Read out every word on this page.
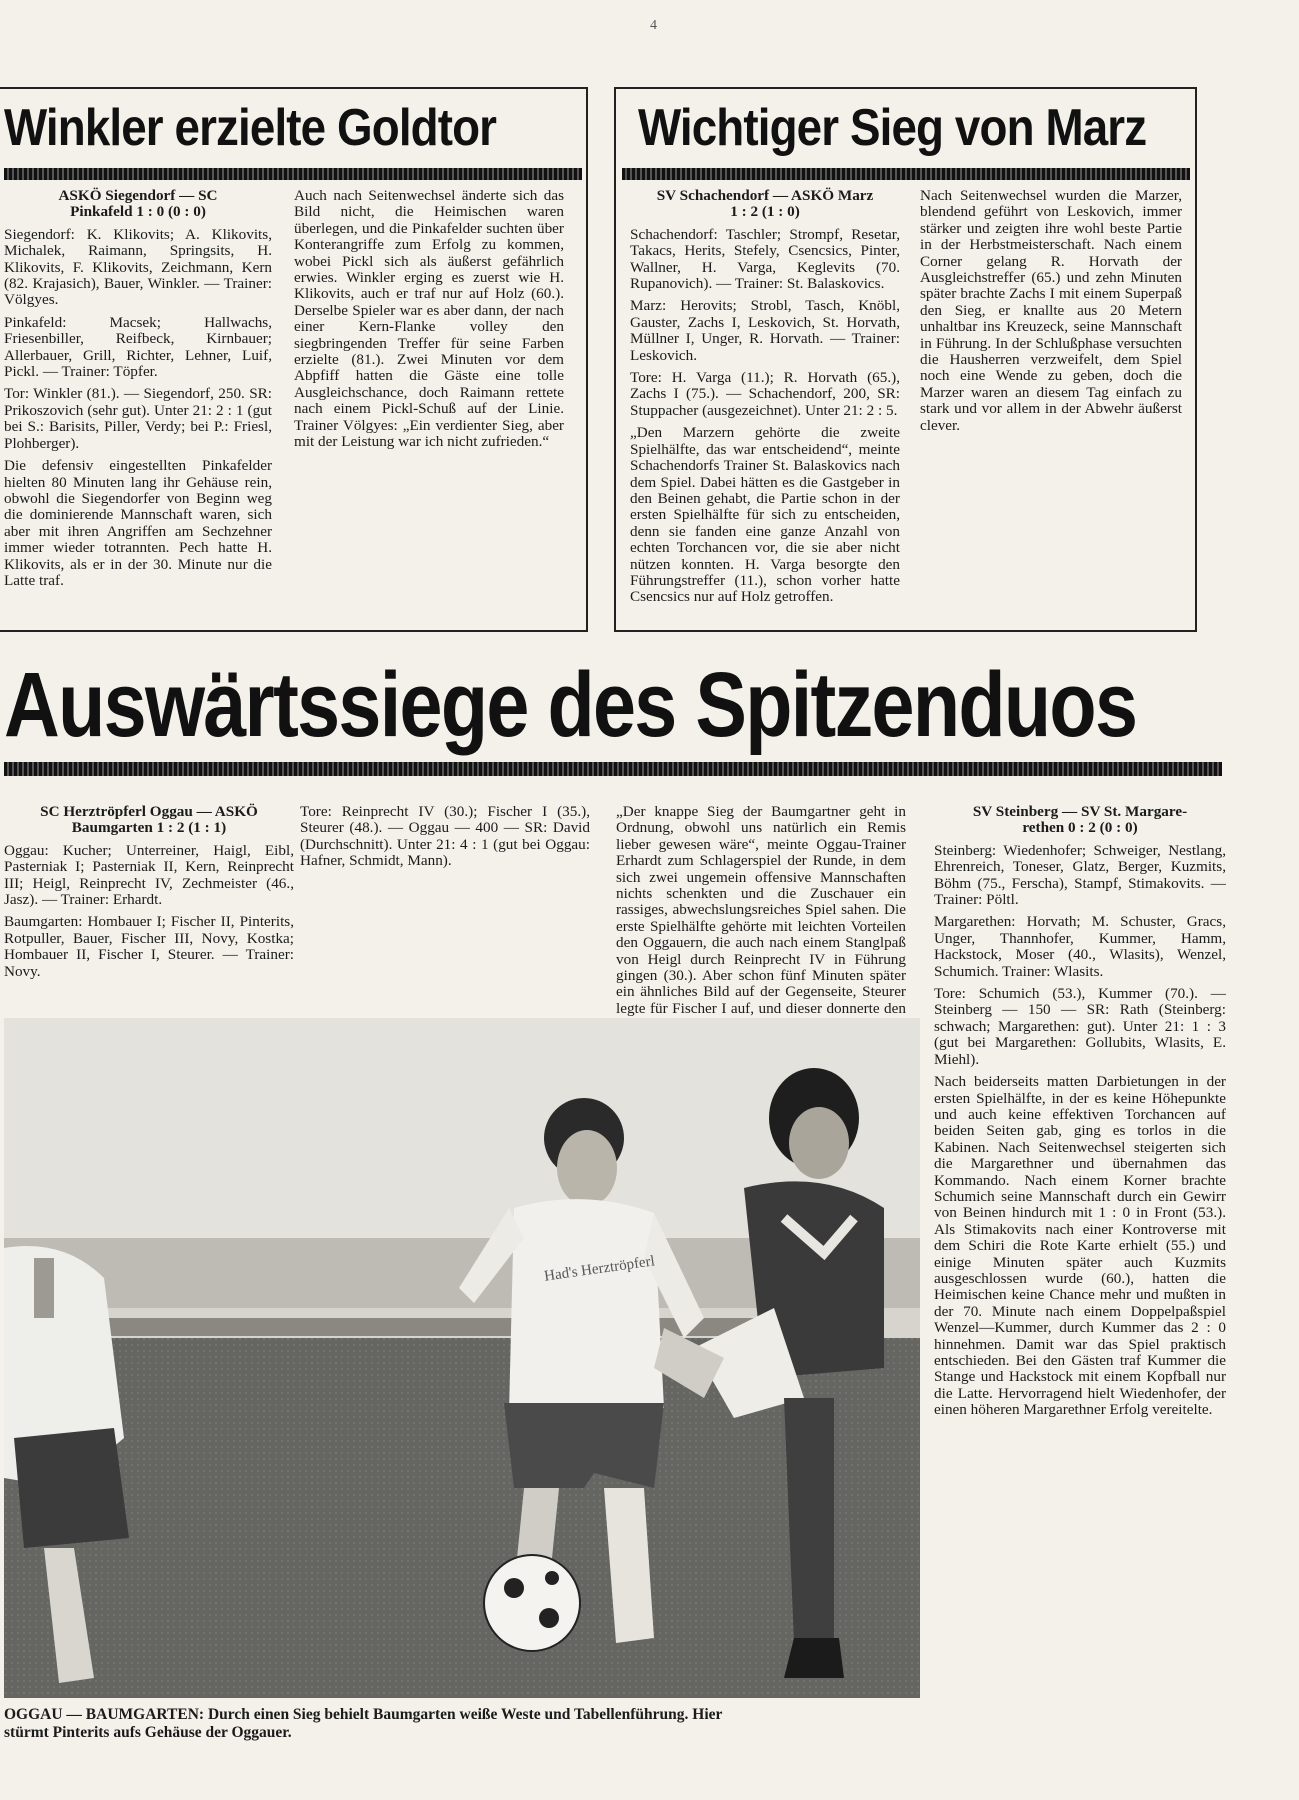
4
Winkler erzielte Goldtor

ASKÖ Siegendorf — SC
Pinkafeld 1 : 0 (0 : 0)

Siegendorf: K. Klikovits; A. Klikovits, Michalek, Raimann, Springsits, H. Klikovits, F. Klikovits, Zeichmann, Kern (82. Krajasich), Bauer, Winkler. — Trainer: Völgyes.

Pinkafeld: Macsek; Hallwachs, Friesenbiller, Reifbeck, Kirnbauer; Allerbauer, Grill, Richter, Lehner, Luif, Pickl. — Trainer: Töpfer.

Tor: Winkler (81.). — Siegendorf, 250. SR: Prikoszovich (sehr gut). Unter 21: 2 : 1 (gut bei S.: Barisits, Piller, Verdy; bei P.: Friesl, Plohberger).

Die defensiv eingestellten Pinkafelder hielten 80 Minuten lang ihr Gehäuse rein, obwohl die Siegendorfer von Beginn weg die dominierende Mannschaft waren, sich aber mit ihren Angriffen am Sechzehner immer wieder totrannten. Pech hatte H. Klikovits, als er in der 30. Minute nur die Latte traf.

Auch nach Seitenwechsel änderte sich das Bild nicht, die Heimischen waren überlegen, und die Pinkafelder suchten über Konterangriffe zum Erfolg zu kommen, wobei Pickl sich als äußerst gefährlich erwies. Winkler erging es zuerst wie H. Klikovits, auch er traf nur auf Holz (60.). Derselbe Spieler war es aber dann, der nach einer Kern-Flanke volley den siegbringenden Treffer für seine Farben erzielte (81.). Zwei Minuten vor dem Abpfiff hatten die Gäste eine tolle Ausgleichschance, doch Raimann rettete nach einem Pickl-Schuß auf der Linie. Trainer Völgyes: „Ein verdienter Sieg, aber mit der Leistung war ich nicht zufrieden.“

Wichtiger Sieg von Marz

SV Schachendorf — ASKÖ Marz
1 : 2 (1 : 0)

Schachendorf: Taschler; Strompf, Resetar, Takacs, Herits, Stefely, Csencsics, Pinter, Wallner, H. Varga, Keglevits (70. Rupanovich). — Trainer: St. Balaskovics.

Marz: Herovits; Strobl, Tasch, Knöbl, Gauster, Zachs I, Leskovich, St. Horvath, Müllner I, Unger, R. Horvath. — Trainer: Leskovich.

Tore: H. Varga (11.); R. Horvath (65.), Zachs I (75.). — Schachendorf, 200, SR: Stuppacher (ausgezeichnet). Unter 21: 2 : 5.

„Den Marzern gehörte die zweite Spielhälfte, das war entscheidend“, meinte Schachendorfs Trainer St. Balaskovics nach dem Spiel. Dabei hätten es die Gastgeber in den Beinen gehabt, die Partie schon in der ersten Spielhälfte für sich zu entscheiden, denn sie fanden eine ganze Anzahl von echten Torchancen vor, die sie aber nicht nützen konnten. H. Varga besorgte den Führungstreffer (11.), schon vorher hatte Csencsics nur auf Holz getroffen.

Nach Seitenwechsel wurden die Marzer, blendend geführt von Leskovich, immer stärker und zeigten ihre wohl beste Partie in der Herbstmeisterschaft. Nach einem Corner gelang R. Horvath der Ausgleichstreffer (65.) und zehn Minuten später brachte Zachs I mit einem Superpaß den Sieg, er knallte aus 20 Metern unhaltbar ins Kreuzeck, seine Mannschaft in Führung. In der Schlußphase versuchten die Hausherren verzweifelt, dem Spiel noch eine Wende zu geben, doch die Marzer waren an diesem Tag einfach zu stark und vor allem in der Abwehr äußerst clever.

Auswärtssiege des Spitzenduos

SC Herztröpferl Oggau — ASKÖ
Baumgarten 1 : 2 (1 : 1)

Oggau: Kucher; Unterreiner, Haigl, Eibl, Pasterniak I; Pasterniak II, Kern, Reinprecht III; Heigl, Reinprecht IV, Zechmeister (46., Jasz). — Trainer: Erhardt.

Baumgarten: Hombauer I; Fischer II, Pinterits, Rotpuller, Bauer, Fischer III, Novy, Kostka; Hombauer II, Fischer I, Steurer. — Trainer: Novy.

Tore: Reinprecht IV (30.); Fischer I (35.), Steurer (48.). — Oggau — 400 — SR: David (Durchschnitt). Unter 21: 4 : 1 (gut bei Oggau: Hafner, Schmidt, Mann).

„Der knappe Sieg der Baumgartner geht in Ordnung, obwohl uns natürlich ein Remis lieber gewesen wäre“, meinte Oggau-Trainer Erhardt zum Schlagerspiel der Runde, in dem sich zwei ungemein offensive Mannschaften nichts schenkten und die Zuschauer ein rassiges, abwechslungsreiches Spiel sahen. Die erste Spielhälfte gehörte mit leichten Vorteilen den Oggauern, die auch nach einem Stanglpaß von Heigl durch Reinprecht IV in Führung gingen (30.). Aber schon fünf Minuten später ein ähnliches Bild auf der Gegenseite, Steurer legte für Fischer I auf, und dieser donnerte den

SV Steinberg — SV St. Margare-
rethen 0 : 2 (0 : 0)

Steinberg: Wiedenhofer; Schweiger, Nestlang, Ehrenreich, Toneser, Glatz, Berger, Kuzmits, Böhm (75., Ferscha), Stampf, Stimakovits. — Trainer: Pöltl.

Margarethen: Horvath; M. Schuster, Gracs, Unger, Thannhofer, Kummer, Hamm, Hackstock, Moser (40., Wlasits), Wenzel, Schumich. Trainer: Wlasits.

Tore: Schumich (53.), Kummer (70.). — Steinberg — 150 — SR: Rath (Steinberg: schwach; Margarethen: gut). Unter 21: 1 : 3 (gut bei Margarethen: Gollubits, Wlasits, E. Miehl).

Nach beiderseits matten Darbietungen in der ersten Spielhälfte, in der es keine Höhepunkte und auch keine effektiven Torchancen auf beiden Seiten gab, ging es torlos in die Kabinen. Nach Seitenwechsel steigerten sich die Margarethner und übernahmen das Kommando. Nach einem Korner brachte Schumich seine Mannschaft durch ein Gewirr von Beinen hindurch mit 1 : 0 in Front (53.). Als Stimakovits nach einer Kontroverse mit dem Schiri die Rote Karte erhielt (55.) und einige Minuten später auch Kuzmits ausgeschlossen wurde (60.), hatten die Heimischen keine Chance mehr und mußten in der 70. Minute nach einem Doppelpaßspiel Wenzel—Kummer, durch Kummer das 2 : 0 hinnehmen. Damit war das Spiel praktisch entschieden. Bei den Gästen traf Kummer die Stange und Hackstock mit einem Kopfball nur die Latte. Hervorragend hielt Wiedenhofer, der einen höheren Margarethner Erfolg vereitelte.

Had's Herztröpferl
OGGAU — BAUMGARTEN: Durch einen Sieg behielt Baumgarten weiße Weste und Tabellenführung. Hier
stürmt Pinterits aufs Gehäuse der Oggauer.
